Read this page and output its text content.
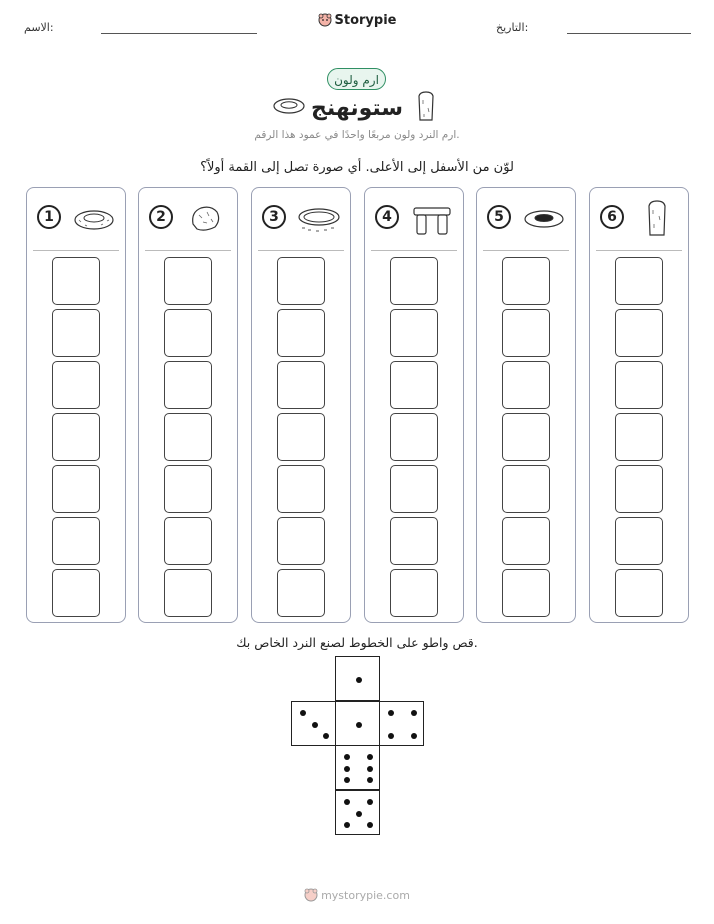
الاسم:	التاريخ:
Storypie
ارم ولون
ستونهنج
ارم النرد ولون مربعًا واحدًا في عمود هذا الرقم.
لوّن من الأسفل إلى الأعلى. أي صورة تصل إلى القمة أولاً؟
1	2	3	4	5	6
قص واطو على الخطوط لصنع النرد الخاص بك.
mystorypie.com
